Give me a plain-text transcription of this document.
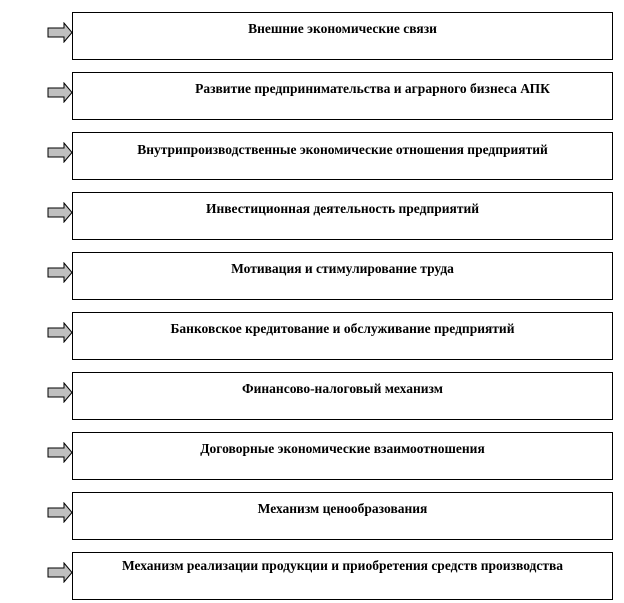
Внешние экономические связи
Развитие предпринимательства и аграрного бизнеса АПК
Внутрипроизводственные экономические отношения предприятий
Инвестиционная деятельность предприятий
Мотивация и стимулирование труда
Банковское кредитование и обслуживание предприятий
Финансово-налоговый механизм
Договорные экономические взаимоотношения
Механизм ценообразования
Механизм реализации продукции и приобретения средств производства
